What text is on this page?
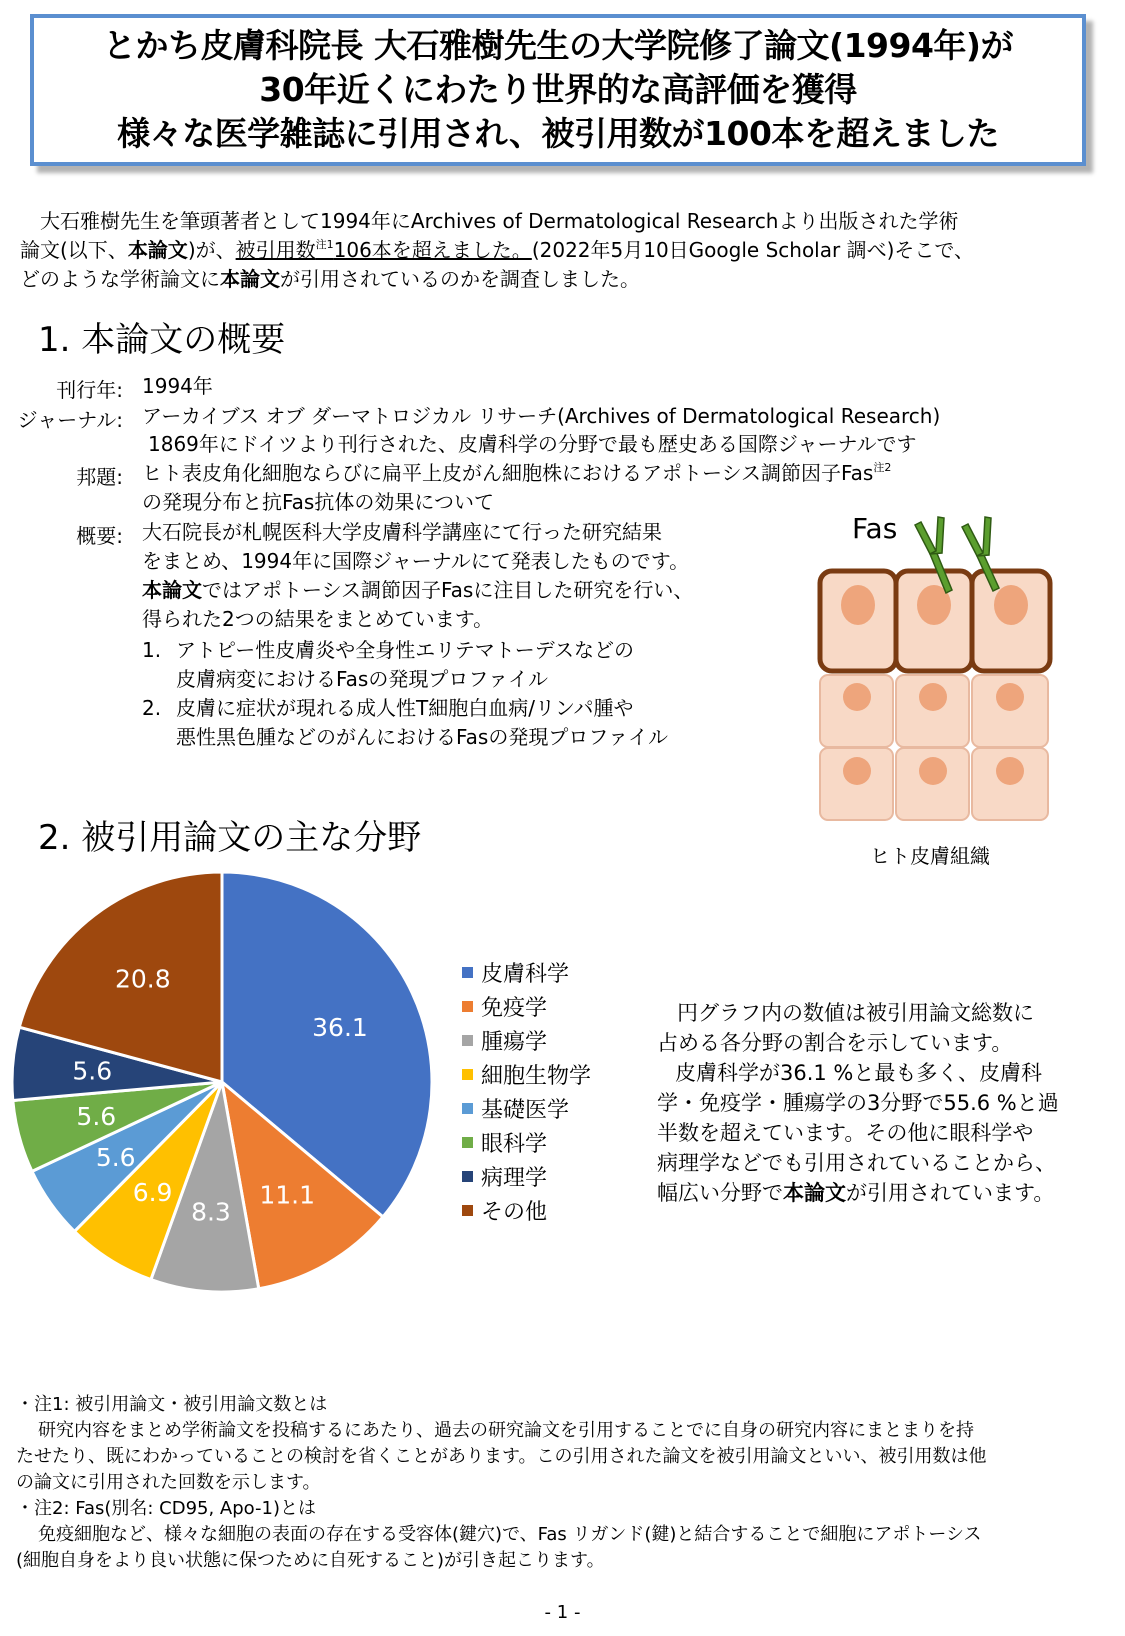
とかち皮膚科院長 大石雅樹先生の大学院修了論文(1994年)が
30年近くにわたり世界的な高評価を獲得
様々な医学雑誌に引用され、被引用数が100本を超えました

大石雅樹先生を筆頭著者として1994年にArchives of Dermatological Researchより出版された学術

論文(以下、本論文)が、被引用数$^{注1}$106本を超えました。(2022年5月10日Google Scholar 調べ)そこで、

どのような学術論文に本論文が引用されているのかを調査しました。

1. 本論文の概要
刊行年: 1994年
ジャーナル: アーカイブス オブ ダーマトロジカル リサーチ(Archives of Dermatological Research)
1869年にドイツより刊行された、皮膚科学の分野で最も歴史ある国際ジャーナルです
邦題: ヒト表皮角化細胞ならびに扁平上皮がん細胞株におけるアポトーシス調節因子Fas$^{注2}$
の発現分布と抗Fas抗体の効果について
概要: 大石院長が札幌医科大学皮膚科学講座にて行った研究結果
をまとめ、1994年に国際ジャーナルにて発表したものです。
本論文ではアポトーシス調節因子Fasに注目した研究を行い、
得られた2つの結果をまとめています。
1. アトピー性皮膚炎や全身性エリテマトーデスなどの
皮膚病変におけるFasの発現プロファイル
2. 皮膚に症状が現れる成人性T細胞白血病/リンパ腫や
悪性黒色腫などのがんにおけるFasの発現プロファイル
Fas
ヒト皮膚組織
2. 被引用論文の主な分野
36.1
11.1
8.3
6.9
5.6
5.6
5.6
20.8	皮膚科学
免疫学
腫瘍学
細胞生物学
基礎医学
眼科学
病理学
その他

円グラフ内の数値は被引用論文総数に

占める各分野の割合を示しています。

皮膚科学が36.1 %と最も多く、皮膚科

学・免疫学・腫瘍学の3分野で55.6 %と過

半数を超えています。その他に眼科学や

病理学などでも引用されていることから、

幅広い分野で本論文が引用されています。

・注1: 被引用論文・被引用論文数とは

研究内容をまとめ学術論文を投稿するにあたり、過去の研究論文を引用することでに自身の研究内容にまとまりを持

たせたり、既にわかっていることの検討を省くことがあります。この引用された論文を被引用論文といい、被引用数は他

の論文に引用された回数を示します。

・注2: Fas(別名: CD95, Apo-1)とは

免疫細胞など、様々な細胞の表面の存在する受容体(鍵穴)で、Fas リガンド(鍵)と結合することで細胞にアポトーシス

(細胞自身をより良い状態に保つために自死すること)が引き起こります。

- 1 -
